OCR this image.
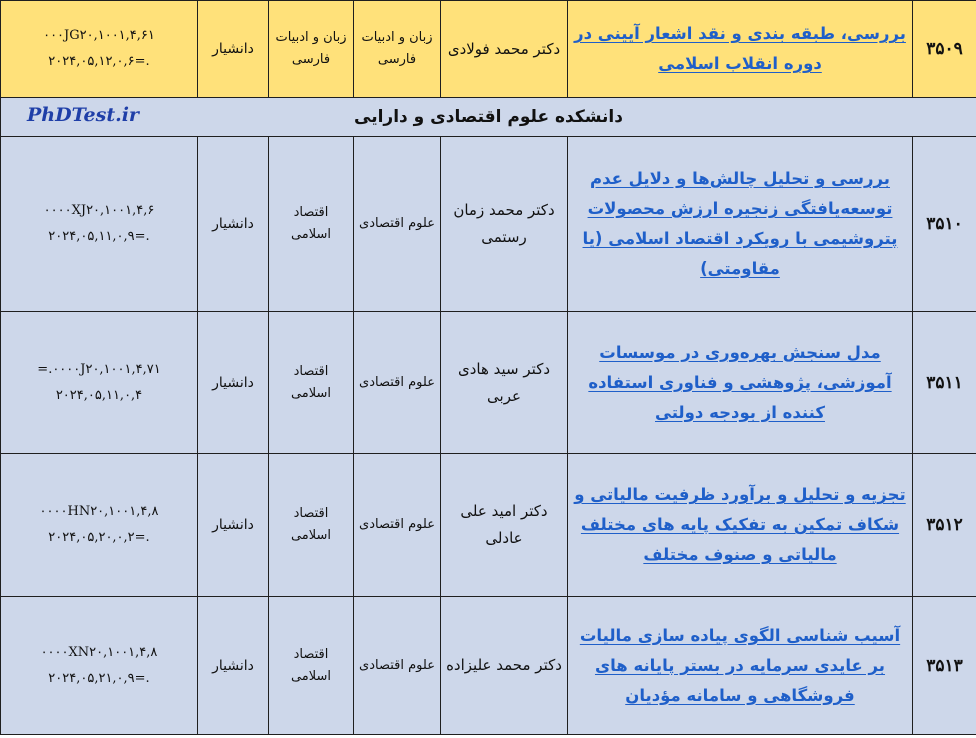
۳۵۰۹	بررسی، طبقه بندی و نقد اشعار آیینی در دوره انقلاب اسلامی	دکتر محمد فولادی	زبان و ادبیات فارسی	زبان و ادبیات فارسی	دانشیار	۰۰۰JG۲۰,۱۰۰۱,۴,۶۱
۲۰۲۴,۰۵,۱۲,۰,۶=.

PhDTest.ir دانشکده علوم اقتصادی و دارایی						
۳۵۱۰	بررسی و تحلیل چالش‌ها و دلایل عدم توسعه‌یافتگی زنجیره ارزش محصولات پتروشیمی با رویکرد اقتصاد اسلامی (یا مقاومتی)	دکتر محمد زمان رستمی	علوم اقتصادی	اقتصاد اسلامی	دانشیار	۰۰۰۰XJ۲۰,۱۰۰۱,۴,۶
۲۰۲۴,۰۵,۱۱,۰,۹=.

۳۵۱۱	مدل سنجش بهره‌وری در موسسات آموزشی، پژوهشی و فناوری استفاده کننده از بودجه دولتی	دکتر سید هادی عربی	علوم اقتصادی	اقتصاد اسلامی	دانشیار	=.۰۰۰۰J۲۰,۱۰۰۱,۴,۷۱
۲۰۲۴,۰۵,۱۱,۰,۴

۳۵۱۲	تجزیه و تحلیل و برآورد ظرفیت مالیاتی و شکاف تمکین به تفکیک پایه های مختلف مالیاتی و صنوف مختلف	دکتر امید علی عادلی	علوم اقتصادی	اقتصاد اسلامی	دانشیار	۰۰۰۰HN۲۰,۱۰۰۱,۴,۸
۲۰۲۴,۰۵,۲۰,۰,۲=.

۳۵۱۳	آسیب شناسی الگوی پیاده سازی مالیات بر عایدی سرمایه در بستر پایانه های فروشگاهی و سامانه مؤدیان	دکتر محمد علیزاده	علوم اقتصادی	اقتصاد اسلامی	دانشیار	۰۰۰۰XN۲۰,۱۰۰۱,۴,۸
۲۰۲۴,۰۵,۲۱,۰,۹=.
